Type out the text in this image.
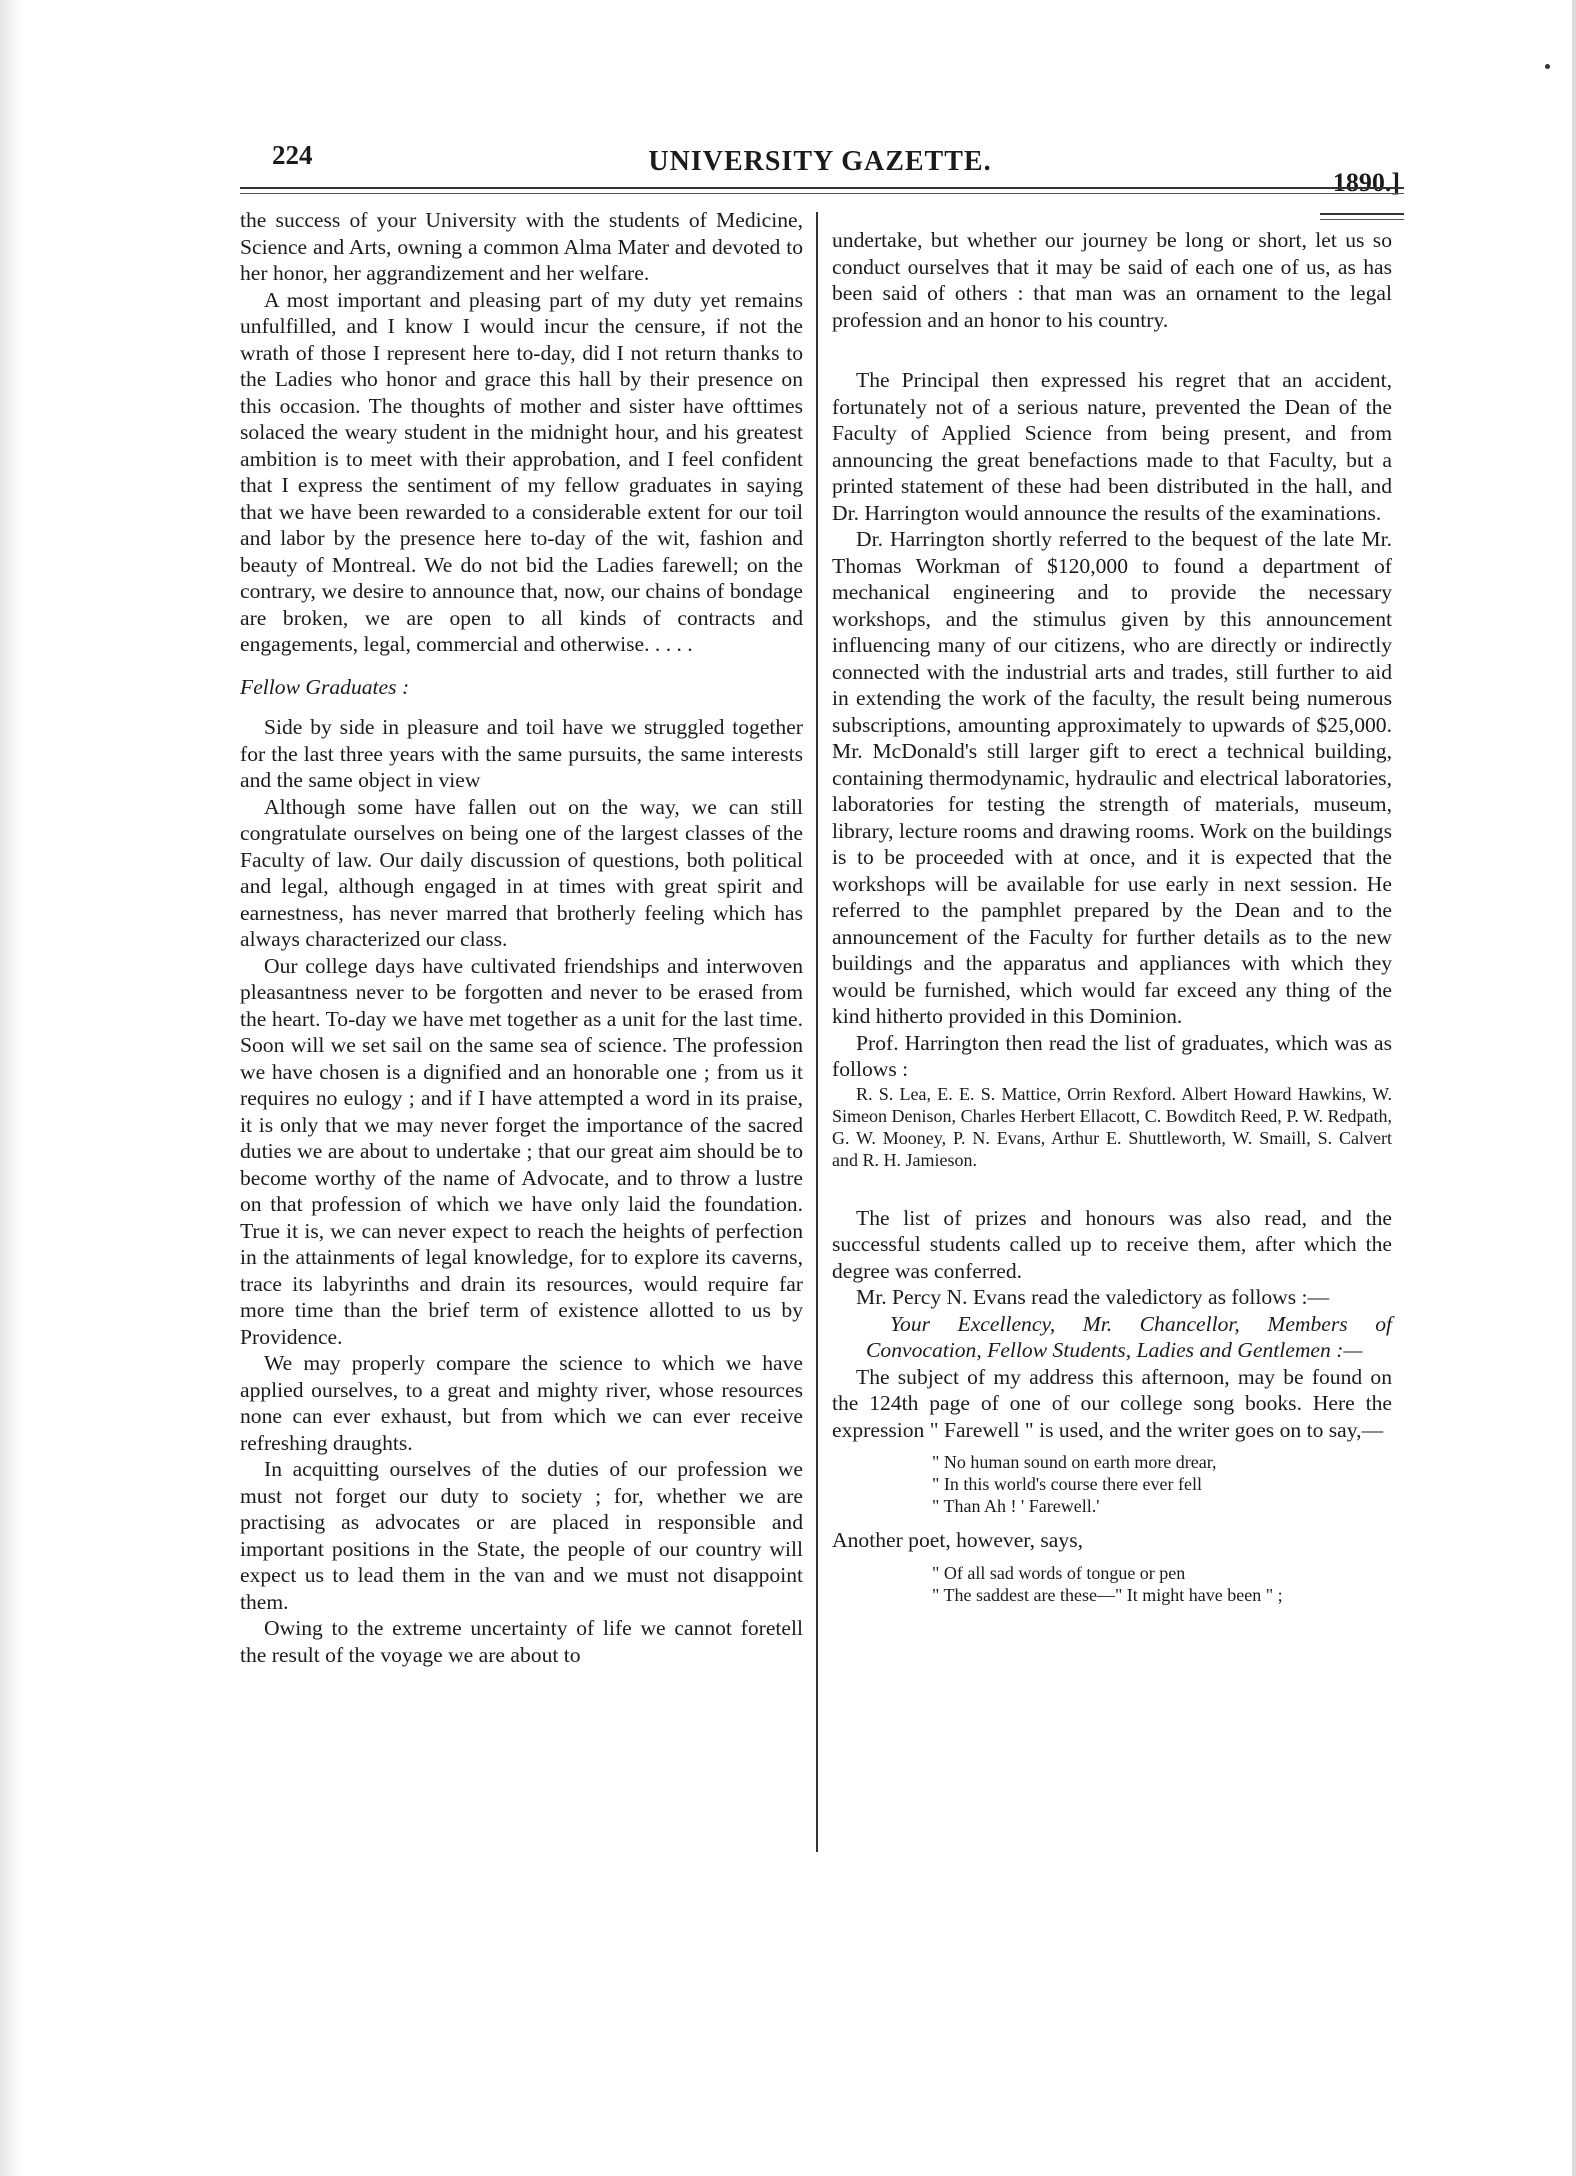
224	UNIVERSITY GAZETTE.
1890.]

the success of your University with the students of Medicine, Science and Arts, owning a common Alma Mater and devoted to her honor, her aggrandizement and her welfare.

A most important and pleasing part of my duty yet remains unfulfilled, and I know I would incur the censure, if not the wrath of those I represent here to-day, did I not return thanks to the Ladies who honor and grace this hall by their presence on this occasion. The thoughts of mother and sister have ofttimes solaced the weary student in the midnight hour, and his greatest ambition is to meet with their approbation, and I feel confident that I express the sentiment of my fellow graduates in saying that we have been rewarded to a considerable extent for our toil and labor by the presence here to-day of the wit, fashion and beauty of Montreal. We do not bid the Ladies farewell; on the contrary, we desire to announce that, now, our chains of bondage are broken, we are open to all kinds of contracts and engagements, legal, commercial and otherwise. . . . .

Fellow Graduates :

Side by side in pleasure and toil have we struggled together for the last three years with the same pursuits, the same interests and the same object in view

Although some have fallen out on the way, we can still congratulate ourselves on being one of the largest classes of the Faculty of law. Our daily discussion of questions, both political and legal, although engaged in at times with great spirit and earnestness, has never marred that brotherly feeling which has always characterized our class.

Our college days have cultivated friendships and interwoven pleasantness never to be forgotten and never to be erased from the heart. To-day we have met together as a unit for the last time. Soon will we set sail on the same sea of science. The profession we have chosen is a dignified and an honorable one ; from us it requires no eulogy ; and if I have attempted a word in its praise, it is only that we may never forget the importance of the sacred duties we are about to undertake ; that our great aim should be to become worthy of the name of Advocate, and to throw a lustre on that profession of which we have only laid the foundation. True it is, we can never expect to reach the heights of perfection in the attainments of legal knowledge, for to explore its caverns, trace its labyrinths and drain its resources, would require far more time than the brief term of existence allotted to us by Providence.

We may properly compare the science to which we have applied ourselves, to a great and mighty river, whose resources none can ever exhaust, but from which we can ever receive refreshing draughts.

In acquitting ourselves of the duties of our profession we must not forget our duty to society ; for, whether we are practising as advocates or are placed in responsible and important positions in the State, the people of our country will expect us to lead them in the van and we must not disappoint them.

Owing to the extreme uncertainty of life we cannot foretell the result of the voyage we are about to

undertake, but whether our journey be long or short, let us so conduct ourselves that it may be said of each one of us, as has been said of others : that man was an ornament to the legal profession and an honor to his country.

The Principal then expressed his regret that an accident, fortunately not of a serious nature, prevented the Dean of the Faculty of Applied Science from being present, and from announcing the great benefactions made to that Faculty, but a printed statement of these had been distributed in the hall, and Dr. Harrington would announce the results of the examinations.

Dr. Harrington shortly referred to the bequest of the late Mr. Thomas Workman of $120,000 to found a department of mechanical engineering and to provide the necessary workshops, and the stimulus given by this announcement influencing many of our citizens, who are directly or indirectly connected with the industrial arts and trades, still further to aid in extending the work of the faculty, the result being numerous subscriptions, amounting approximately to upwards of $25,000. Mr. McDonald's still larger gift to erect a technical building, containing thermodynamic, hydraulic and electrical laboratories, laboratories for testing the strength of materials, museum, library, lecture rooms and drawing rooms. Work on the buildings is to be proceeded with at once, and it is expected that the workshops will be available for use early in next session. He referred to the pamphlet prepared by the Dean and to the announcement of the Faculty for further details as to the new buildings and the apparatus and appliances with which they would be furnished, which would far exceed any thing of the kind hitherto provided in this Dominion.

Prof. Harrington then read the list of graduates, which was as follows :

R. S. Lea, E. E. S. Mattice, Orrin Rexford. Albert Howard Hawkins, W. Simeon Denison, Charles Herbert Ellacott, C. Bowditch Reed, P. W. Redpath, G. W. Mooney, P. N. Evans, Arthur E. Shuttleworth, W. Smaill, S. Calvert and R. H. Jamieson.

The list of prizes and honours was also read, and the successful students called up to receive them, after which the degree was conferred.

Mr. Percy N. Evans read the valedictory as follows :—

Your Excellency, Mr. Chancellor, Members of Convocation, Fellow Students, Ladies and Gentlemen :—

The subject of my address this afternoon, may be found on the 124th page of one of our college song books. Here the expression " Farewell " is used, and the writer goes on to say,—

" No human sound on earth more drear,
" In this world's course there ever fell
" Than Ah ! ' Farewell.'

Another poet, however, says,

" Of all sad words of tongue or pen
" The saddest are these—" It might have been " ;
